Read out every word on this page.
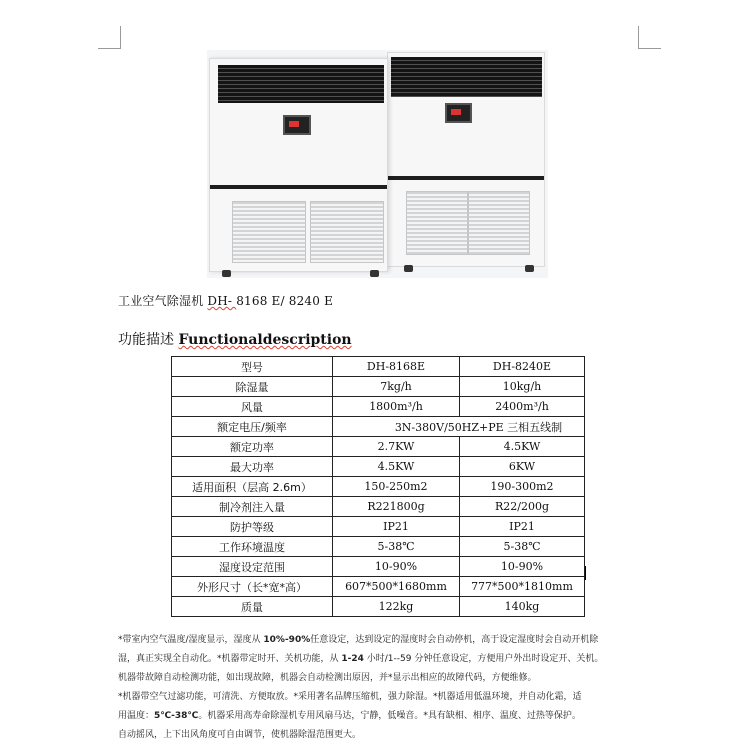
工业空气除湿机 DH- 8168 E/ 8240 E
功能描述 Functionaldescription
型号	DH-8168E	DH-8240E
除湿量	7kg/h	10kg/h
风量	1800m³/h	2400m³/h
额定电压/频率	3N-380V/50HZ+PE 三相五线制	
额定功率	2.7KW	4.5KW
最大功率	4.5KW	6KW
适用面积（层高 2.6m）	150-250m2	190-300m2
制冷剂注入量	R221800g	R22/200g
防护等级	IP21	IP21
工作环境温度	5-38℃	5-38℃
湿度设定范围	10-90%	10-90%
外形尺寸（长*宽*高）	607*500*1680mm	777*500*1810mm
质量	122kg	140kg

*带室内空气温度/湿度显示，湿度从 10%-90%任意设定，达到设定的湿度时会自动停机，高于设定湿度时会自动开机除

湿，真正实现全自动化。*机器带定时开、关机功能，从 1-24 小时/1--59 分钟任意设定，方便用户外出时设定开、关机。

机器带故障自动检测功能，如出现故障，机器会自动检测出原因，并*显示出相应的故障代码，方便维修。

*机器带空气过滤功能，可清洗、方便取放。*采用著名品牌压缩机，强力除湿。*机器适用低温环境，并自动化霜，适

用温度：5℃-38℃。机器采用高寿命除湿机专用风扇马达，宁静，低噪音。*具有缺相、相序、温度、过热等保护。

自动摇风，上下出风角度可自由调节，使机器除湿范围更大。
